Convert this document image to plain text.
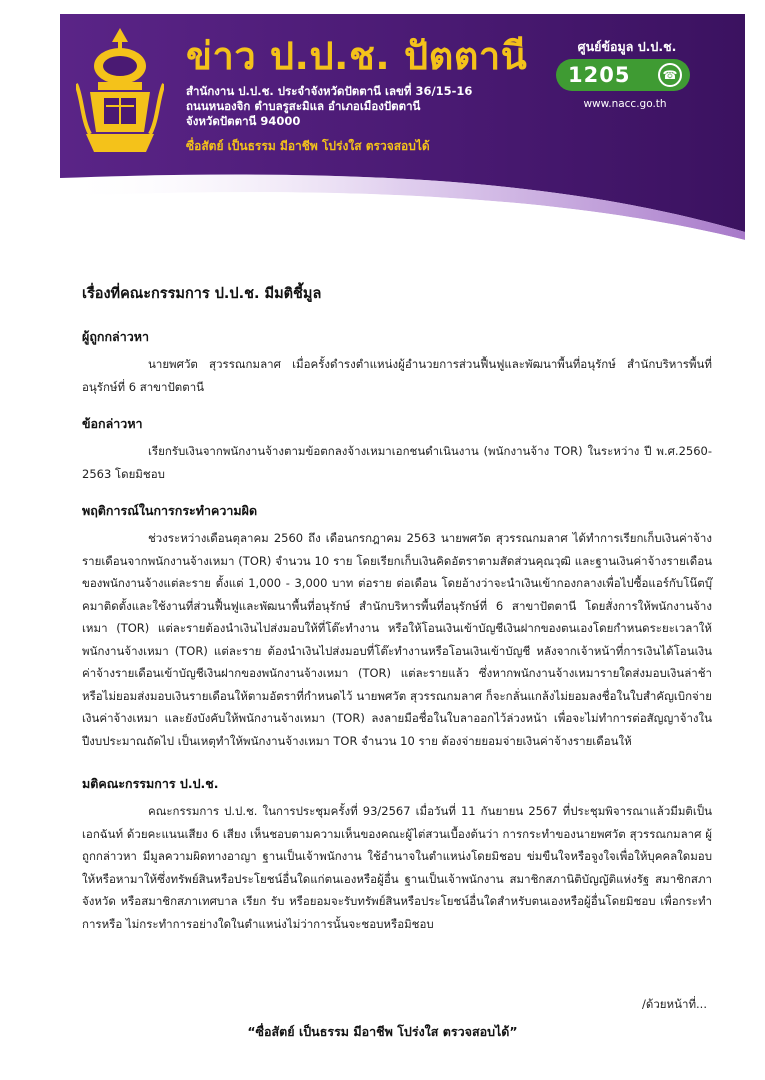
ข่าว ป.ป.ช. ปัตตานี
สำนักงาน ป.ป.ช. ประจำจังหวัดปัตตานี เลขที่ 36/15-16
ถนนหนองจิก ตำบลรูสะมิแล อำเภอเมืองปัตตานี
จังหวัดปัตตานี 94000
ซื่อสัตย์ เป็นธรรม มีอาชีพ โปร่งใส ตรวจสอบได้
ศูนย์ข้อมูล ป.ป.ช.
1205	☎
www.nacc.go.th
เรื่องที่คณะกรรมการ ป.ป.ช. มีมติชี้มูล
ผู้ถูกกล่าวหา
นายพศวัต สุวรรณกมลาศ เมื่อครั้งดำรงตำแหน่งผู้อำนวยการส่วนฟื้นฟูและพัฒนาพื้นที่อนุรักษ์ สำนักบริหารพื้นที่อนุรักษ์ที่ 6 สาขาปัตตานี
ข้อกล่าวหา
เรียกรับเงินจากพนักงานจ้างตามข้อตกลงจ้างเหมาเอกชนดำเนินงาน (พนักงานจ้าง TOR) ในระหว่าง ปี พ.ศ.2560-2563 โดยมิชอบ
พฤติการณ์ในการกระทำความผิด
ช่วงระหว่างเดือนตุลาคม 2560 ถึง เดือนกรกฎาคม 2563 นายพศวัต สุวรรณกมลาศ ได้ทำการเรียกเก็บเงินค่าจ้างรายเดือนจากพนักงานจ้างเหมา (TOR) จำนวน 10 ราย โดยเรียกเก็บเงินคิดอัตราตามสัดส่วนคุณวุฒิ และฐานเงินค่าจ้างรายเดือนของพนักงานจ้างแต่ละราย ตั้งแต่ 1,000 - 3,000 บาท ต่อราย ต่อเดือน โดยอ้างว่าจะนำเงินเข้ากองกลางเพื่อไปซื้อแอร์กับโน๊ตบุ๊คมาติดตั้งและใช้งานที่ส่วนฟื้นฟูและพัฒนาพื้นที่อนุรักษ์ สำนักบริหารพื้นที่อนุรักษ์ที่ 6 สาขาปัตตานี โดยสั่งการให้พนักงานจ้างเหมา (TOR) แต่ละรายต้องนำเงินไปส่งมอบให้ที่โต๊ะทำงาน หรือให้โอนเงินเข้าบัญชีเงินฝากของตนเองโดยกำหนดระยะเวลาให้พนักงานจ้างเหมา (TOR) แต่ละราย ต้องนำเงินไปส่งมอบที่โต๊ะทำงานหรือโอนเงินเข้าบัญชี หลังจากเจ้าหน้าที่การเงินได้โอนเงินค่าจ้างรายเดือนเข้าบัญชีเงินฝากของพนักงานจ้างเหมา (TOR) แต่ละรายแล้ว ซึ่งหากพนักงานจ้างเหมารายใดส่งมอบเงินล่าช้า หรือไม่ยอมส่งมอบเงินรายเดือนให้ตามอัตราที่กำหนดไว้ นายพศวัต สุวรรณกมลาศ ก็จะกลั่นแกล้งไม่ยอมลงชื่อในใบสำคัญเบิกจ่ายเงินค่าจ้างเหมา และยังบังคับให้พนักงานจ้างเหมา (TOR) ลงลายมือชื่อในใบลาออกไว้ล่วงหน้า เพื่อจะไม่ทำการต่อสัญญาจ้างในปีงบประมาณถัดไป เป็นเหตุทำให้พนักงานจ้างเหมา TOR จำนวน 10 ราย ต้องจ่ายยอมจ่ายเงินค่าจ้างรายเดือนให้
มติคณะกรรมการ ป.ป.ช.
คณะกรรมการ ป.ป.ช. ในการประชุมครั้งที่ 93/2567 เมื่อวันที่ 11 กันยายน 2567 ที่ประชุมพิจารณาแล้วมีมติเป็นเอกฉันท์ ด้วยคะแนนเสียง 6 เสียง เห็นชอบตามความเห็นของคณะผู้ไต่สวนเบื้องต้นว่า การกระทำของนายพศวัต สุวรรณกมลาศ ผู้ถูกกล่าวหา มีมูลความผิดทางอาญา ฐานเป็นเจ้าพนักงาน ใช้อำนาจในตำแหน่งโดยมิชอบ ข่มขืนใจหรือจูงใจเพื่อให้บุคคลใดมอบให้หรือหามาให้ซึ่งทรัพย์สินหรือประโยชน์อื่นใดแก่ตนเองหรือผู้อื่น ฐานเป็นเจ้าพนักงาน สมาชิกสภานิติบัญญัติแห่งรัฐ สมาชิกสภาจังหวัด หรือสมาชิกสภาเทศบาล เรียก รับ หรือยอมจะรับทรัพย์สินหรือประโยชน์อื่นใดสำหรับตนเองหรือผู้อื่นโดยมิชอบ เพื่อกระทำการหรือ ไม่กระทำการอย่างใดในตำแหน่งไม่ว่าการนั้นจะชอบหรือมิชอบ
/ด้วยหน้าที่...
“ซื่อสัตย์ เป็นธรรม มีอาชีพ โปร่งใส ตรวจสอบได้”
